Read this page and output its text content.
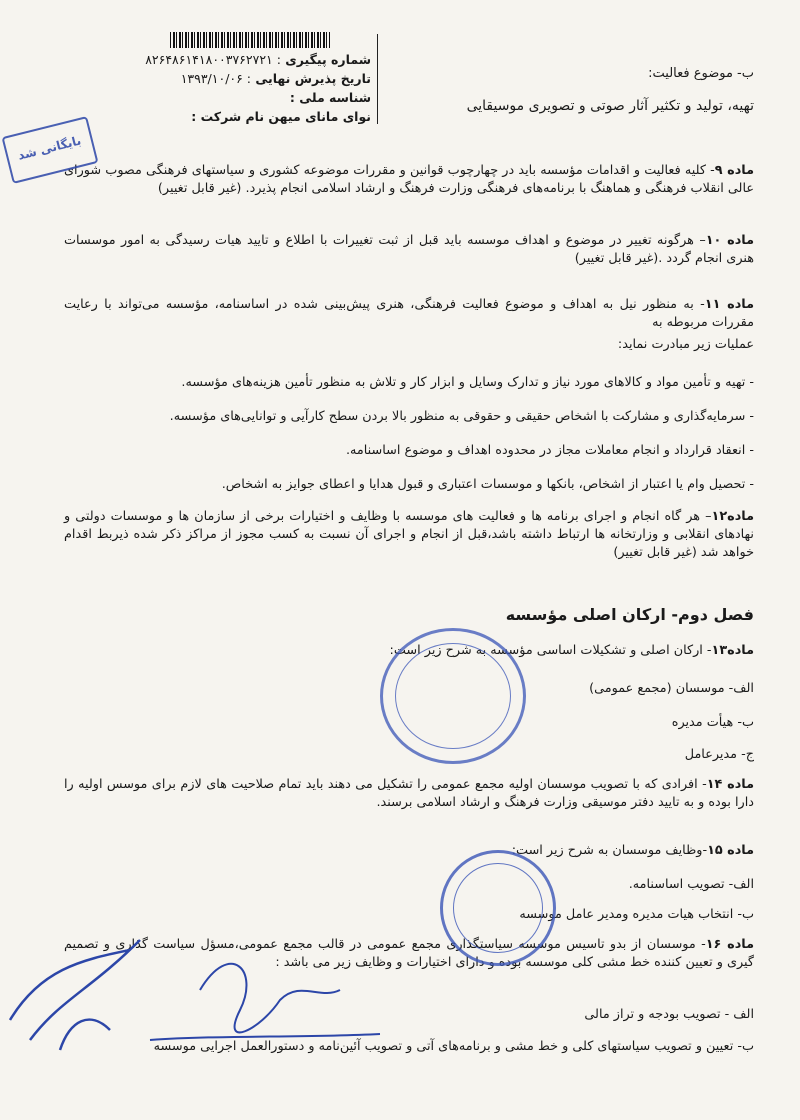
شماره پیگیری ۸۲۶۴۸۶۱۴۱۸۰۰۳۷۶۲۷۲۱ :
تاریخ پذیرش نهایی ۱۳۹۳/۱۰/۰۶ :
شناسه ملی :
نوای ماناى میهن نام شرکت :
ب- موضوع فعالیت:
تهیه، تولید و تکثیر آثار صوتی و تصویری موسیقایی
ماده ۹- کلیه فعالیت و اقدامات مؤسسه باید در چهارچوب قوانین و مقررات موضوعه کشوری و سیاستهای فرهنگی مصوب شورای عالی انقلاب فرهنگی و هماهنگ با برنامه‌های فرهنگی وزارت فرهنگ و ارشاد اسلامی انجام پذیرد. (غیر قابل تغییر)
ماده ۱۰– هرگونه تغییر در موضوع و اهداف موسسه باید قبل از ثبت تغییرات با اطلاع و تایید هیات رسیدگی به امور موسسات هنری انجام گردد .(غیر قابل تغییر)
ماده ۱۱- به منظور نیل به اهداف و موضوع فعالیت فرهنگی، هنری پیش‌بینی شده در اساسنامه، مؤسسه می‌تواند با رعایت مقررات مربوطه به
عملیات زیر مبادرت نماید:
- تهیه و تأمین مواد و کالاهای مورد نیاز و تدارک وسایل و ابزار کار و تلاش به منظور تأمین هزینه‌های مؤسسه.
- سرمایه‌گذاری و مشارکت با اشخاص حقیقی و حقوقی به منظور بالا بردن سطح کارآیی و توانایی‌های مؤسسه.
- انعقاد قرارداد و انجام معاملات مجاز در محدوده اهداف و موضوع اساسنامه.
- تحصیل وام یا اعتبار از اشخاص، بانکها و موسسات اعتباری و قبول هدایا و اعطای جوایز به اشخاص.
ماده۱۲– هر گاه انجام و اجرای برنامه ها و فعالیت های موسسه با وظایف و اختیارات برخی از سازمان ها و موسسات دولتی و نهادهای انقلابی و وزارتخانه ها ارتباط داشته باشد،قبل از انجام و اجرای آن نسبت به کسب مجوز از مراکز ذکر شده ذیربط اقدام خواهد شد (غیر قابل تغییر)
فصل دوم- ارکان اصلی مؤسسه
ماده۱۳- ارکان اصلی و تشکیلات اساسی مؤسسه به شرح زیر است:
الف- موسسان (مجمع عمومی)
ب- هیأت مدیره
ج- مدیرعامل
ماده ۱۴- افرادی که با تصویب موسسان اولیه مجمع عمومی را تشکیل می دهند باید تمام صلاحیت های لازم برای موسس اولیه را دارا بوده و به تایید دفتر موسیقی وزارت فرهنگ و ارشاد اسلامی برسند.
ماده ۱۵-وظایف موسسان به شرح زیر است:
الف- تصویب اساسنامه.
ب- انتخاب هیات مدیره ومدیر عامل موسسه
ماده ۱۶- موسسان از بدو تاسیس موسسه سیاستگذاری مجمع عمومی در قالب مجمع عمومی،مسؤل سیاست گذاری و تصمیم گیری و تعیین کننده خط مشی کلی موسسه بوده و دارای اختیارات و وظایف زیر می باشد :
الف - تصویب بودجه و تراز مالی
ب- تعیین و تصویب سیاستهای کلی و خط مشی و برنامه‌های آتی و تصویب آئین‌نامه و دستورالعمل اجرایی موسسه
بایگانی شد
